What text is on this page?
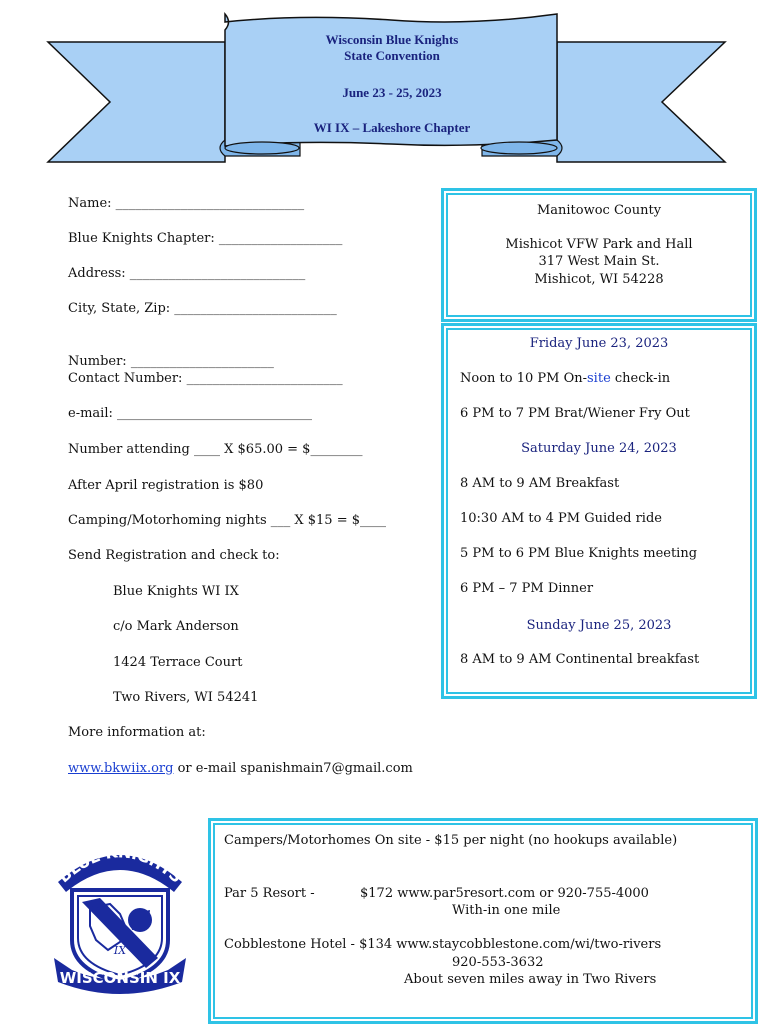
Wisconsin Blue Knights
State Convention
June 23 - 25, 2023
WI IX – Lakeshore Chapter
Name: _____________________________
Blue Knights Chapter: ___________________
Address: ___________________________
City, State, Zip: _________________________
Number: ______________________
Contact Number: ________________________
e-mail: ______________________________
Number attending ____ X $65.00 = $________
After April registration is $80
Camping/Motorhoming nights ___ X $15 = $____
Send Registration and check to:
Blue Knights WI IX
c/o Mark Anderson
1424 Terrace Court
Two Rivers, WI 54241
More information at:
www.bkwiix.org or e-mail spanishmain7@gmail.com
Manitowoc County
Mishicot VFW Park and Hall
317 West Main St.
Mishicot, WI 54228
Friday June 23, 2023
Noon to 10 PM On-site check-in
6 PM to 7 PM Brat/Wiener Fry Out
Saturday June 24, 2023
8 AM to 9 AM Breakfast
10:30 AM to 4 PM Guided ride
5 PM to 6 PM Blue Knights meeting
6 PM – 7 PM Dinner
Sunday June 25, 2023
8 AM to 9 AM Continental breakfast
BLUE KNIGHTS
IX
WISCONSIN IX
Campers/Motorhomes On site - $15 per night (no hookups available)
Par 5 Resort -	$172 www.par5resort.com or 920-755-4000
With-in one mile
Cobblestone Hotel - $134 www.staycobblestone.com/wi/two-rivers
920-553-3632
About seven miles away in Two Rivers
